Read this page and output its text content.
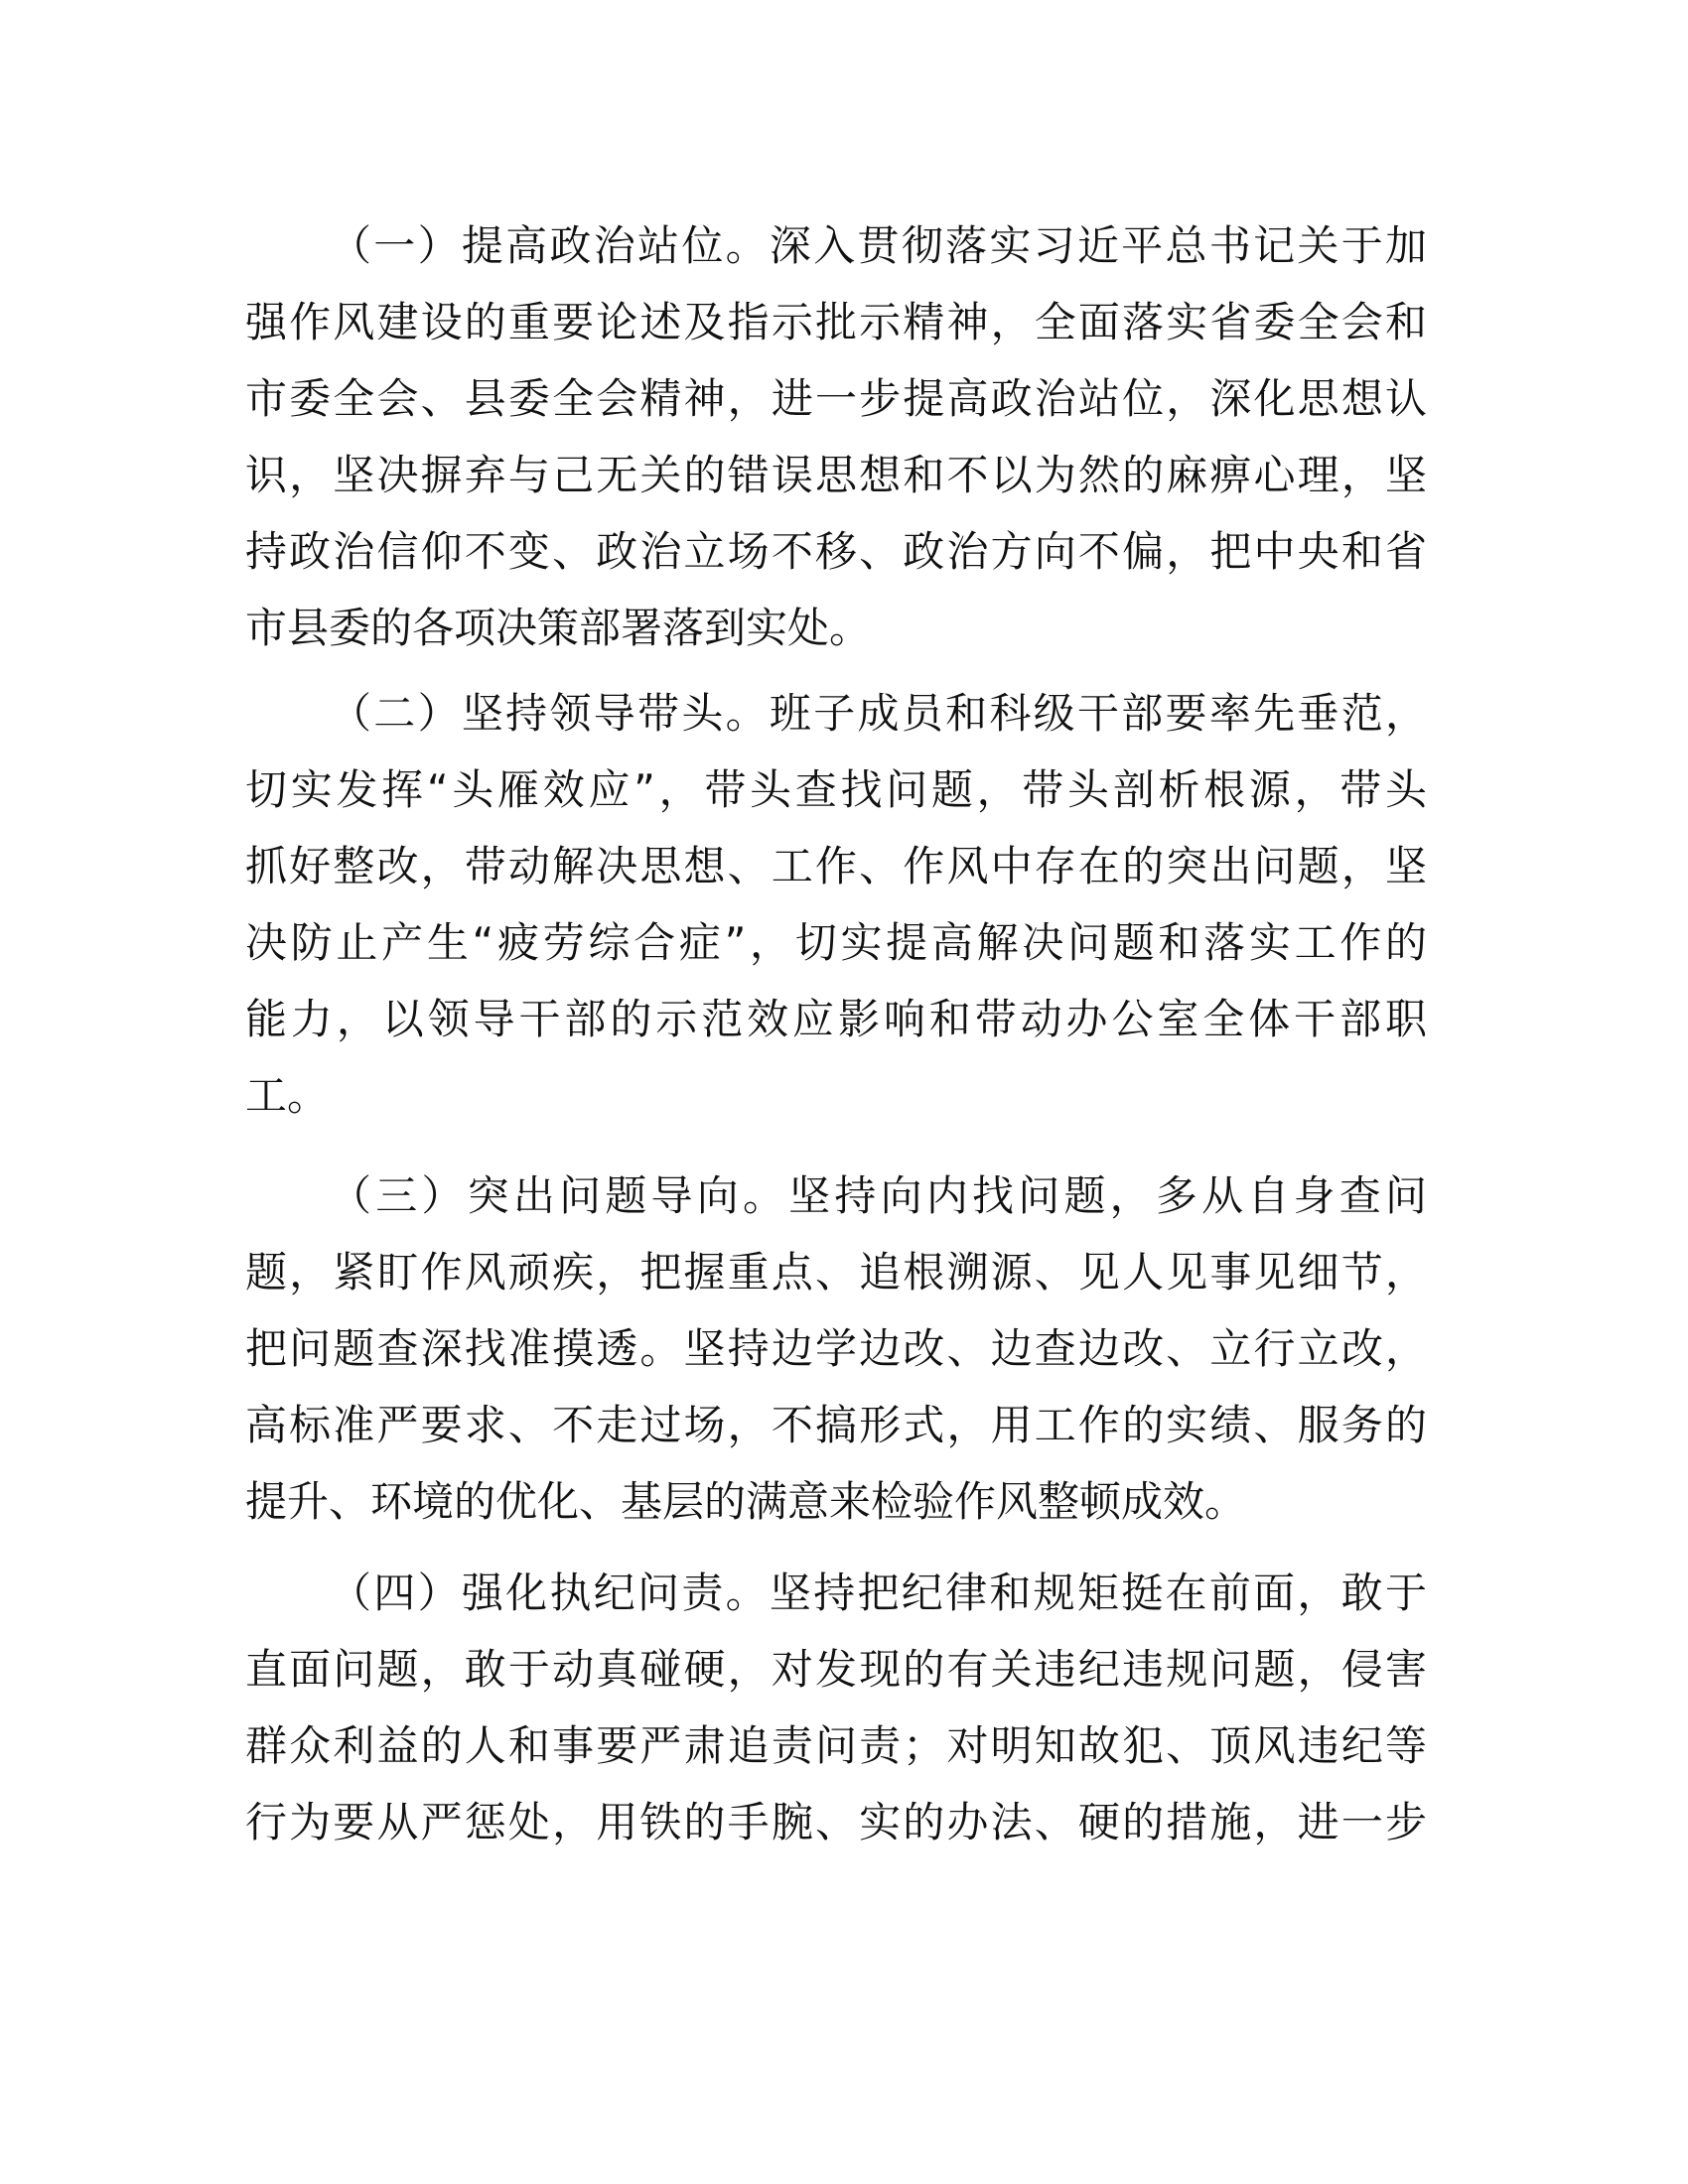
（一）提高政治站位。深入贯彻落实习近平总书记关于加
强作风建设的重要论述及指示批示精神，全面落实省委全会和
市委全会、县委全会精神，进一步提高政治站位，深化思想认
识，坚决摒弃与己无关的错误思想和不以为然的麻痹心理，坚
持政治信仰不变、政治立场不移、政治方向不偏，把中央和省
市县委的各项决策部署落到实处。
（二）坚持领导带头。班子成员和科级干部要率先垂范，
切实发挥“头雁效应”，带头查找问题，带头剖析根源，带头
抓好整改，带动解决思想、工作、作风中存在的突出问题，坚
决防止产生“疲劳综合症”，切实提高解决问题和落实工作的
能力，以领导干部的示范效应影响和带动办公室全体干部职
工。
（三）突出问题导向。坚持向内找问题，多从自身查问
题，紧盯作风顽疾，把握重点、追根溯源、见人见事见细节，
把问题查深找准摸透。坚持边学边改、边查边改、立行立改，
高标准严要求、不走过场，不搞形式，用工作的实绩、服务的
提升、环境的优化、基层的满意来检验作风整顿成效。
（四）强化执纪问责。坚持把纪律和规矩挺在前面，敢于
直面问题，敢于动真碰硬，对发现的有关违纪违规问题，侵害
群众利益的人和事要严肃追责问责；对明知故犯、顶风违纪等
行为要从严惩处，用铁的手腕、实的办法、硬的措施，进一步
